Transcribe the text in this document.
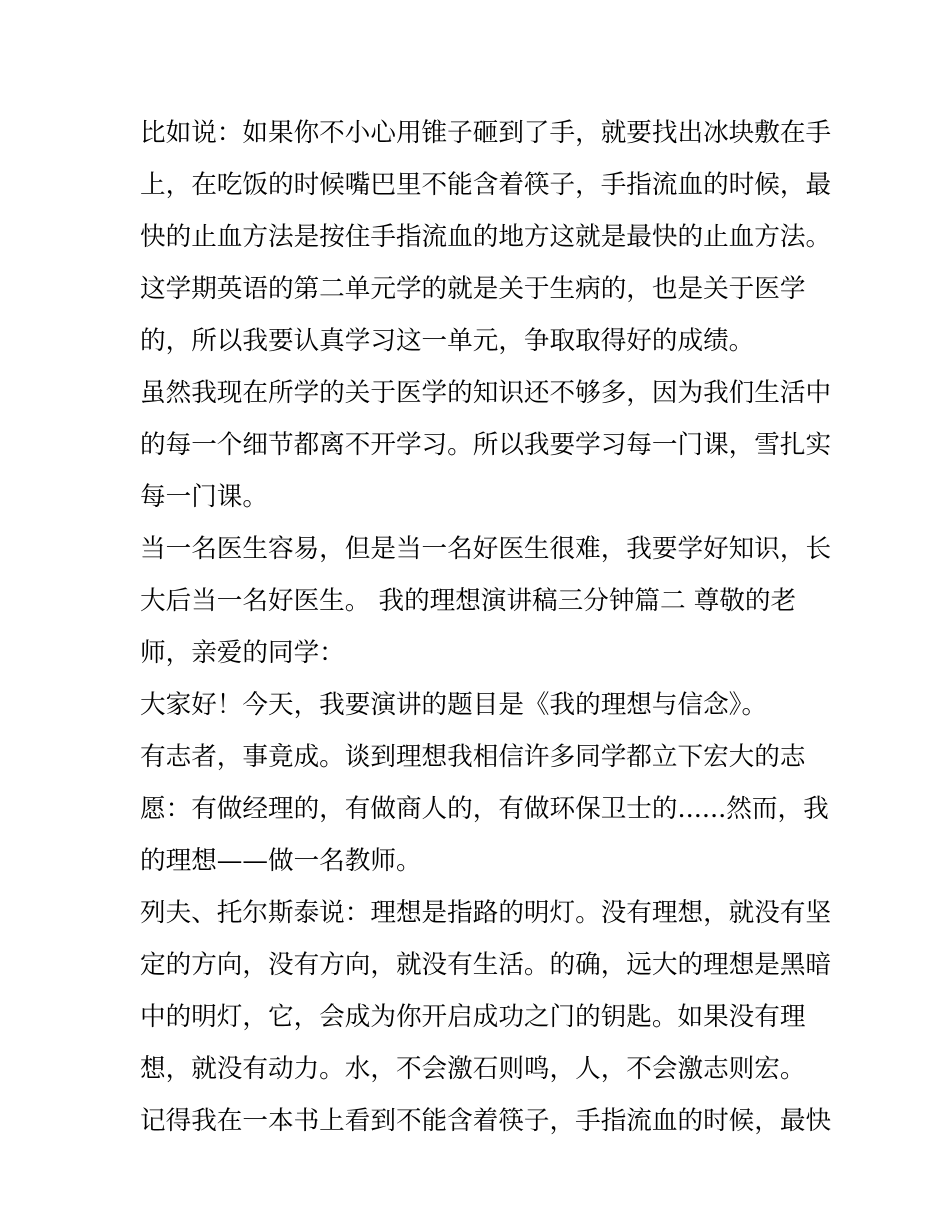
比如说：如果你不小心用锥子砸到了手，就要找出冰块敷在手
上，在吃饭的时候嘴巴里不能含着筷子，手指流血的时候，最
快的止血方法是按住手指流血的地方这就是最快的止血方法。
这学期英语的第二单元学的就是关于生病的，也是关于医学
的，所以我要认真学习这一单元，争取取得好的成绩。
虽然我现在所学的关于医学的知识还不够多，因为我们生活中
的每一个细节都离不开学习。所以我要学习每一门课，雪扎实
每一门课。
当一名医生容易，但是当一名好医生很难，我要学好知识，长
大后当一名好医生。 我的理想演讲稿三分钟篇二 尊敬的老
师，亲爱的同学：
大家好！今天，我要演讲的题目是《我的理想与信念》。
有志者，事竟成。谈到理想我相信许多同学都立下宏大的志
愿：有做经理的，有做商人的，有做环保卫士的......然而，我
的理想——做一名教师。
列夫、托尔斯泰说：理想是指路的明灯。没有理想，就没有坚
定的方向，没有方向，就没有生活。的确，远大的理想是黑暗
中的明灯，它，会成为你开启成功之门的钥匙。如果没有理
想，就没有动力。水，不会激石则鸣，人，不会激志则宏。
记得我在一本书上看到不能含着筷子，手指流血的时候，最快
